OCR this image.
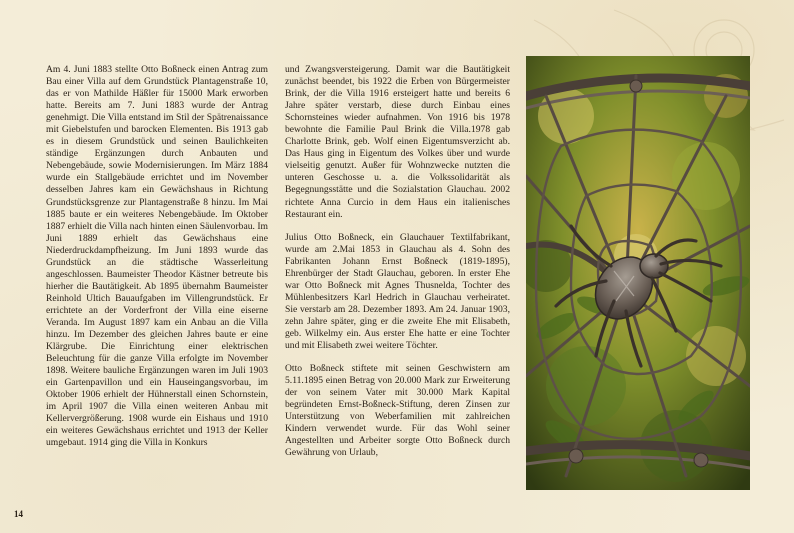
Am 4. Juni 1883 stellte Otto Boßneck einen Antrag zum Bau einer Villa auf dem Grundstück Plantagenstraße 10, das er von Mathilde Häßler für 15000 Mark erworben hatte. Bereits am 7. Juni 1883 wurde der Antrag genehmigt. Die Villa entstand im Stil der Spätrenaissance mit Giebelstufen und barocken Elementen. Bis 1913 gab es in diesem Grundstück und seinen Baulichkeiten ständige Ergänzungen durch Anbauten und Nebengebäude, sowie Modernisierungen. Im März 1884 wurde ein Stallgebäude errichtet und im November desselben Jahres kam ein Gewächshaus in Richtung Grundstücksgrenze zur Plantagenstraße 8 hinzu. Im Mai 1885 baute er ein weiteres Nebengebäude. Im Oktober 1887 erhielt die Villa nach hinten einen Säulenvorbau. Im Juni 1889 erhielt das Gewächshaus eine Niederdruckdampfheizung. Im Juni 1893 wurde das Grundstück an die städtische Wasserleitung angeschlossen. Baumeister Theodor Kästner betreute bis hierher die Bautätigkeit. Ab 1895 übernahm Baumeister Reinhold Ultich Bauaufgaben im Villengrundstück. Er errichtete an der Vorderfront der Villa eine eiserne Veranda. Im August 1897 kam ein Anbau an die Villa hinzu. Im Dezember des gleichen Jahres baute er eine Klärgrube. Die Einrichtung einer elektrischen Beleuchtung für die ganze Villa erfolgte im November 1898. Weitere bauliche Ergänzungen waren im Juli 1903 ein Gartenpavillon und ein Hauseingangsvorbau, im Oktober 1906 erhielt der Hühnerstall einen Schornstein, im April 1907 die Villa einen weiteren Anbau mit Kellervergrößerung. 1908 wurde ein Eishaus und 1910 ein weiteres Gewächshaus errichtet und 1913 der Keller umgebaut. 1914 ging die Villa in Konkurs

und Zwangsversteigerung. Damit war die Bautätigkeit zunächst beendet, bis 1922 die Erben von Bürgermeister Brink, der die Villa 1916 ersteigert hatte und bereits 6 Jahre später verstarb, diese durch Einbau eines Schornsteines wieder aufnahmen. Von 1916 bis 1978 bewohnte die Familie Paul Brink die Villa.1978 gab Charlotte Brink, geb. Wolf einen Eigentumsverzicht ab. Das Haus ging in Eigentum des Volkes über und wurde vielseitig genutzt. Außer für Wohnzwecke nutzten die unteren Geschosse u. a. die Volkssolidarität als Begegnungsstätte und die Sozialstation Glauchau. 2002 richtete Anna Curcio in dem Haus ein italienisches Restaurant ein.

Julius Otto Boßneck, ein Glauchauer Textilfabrikant, wurde am 2.Mai 1853 in Glauchau als 4. Sohn des Fabrikanten Johann Ernst Boßneck (1819-1895), Ehrenbürger der Stadt Glauchau, geboren. In erster Ehe war Otto Boßneck mit Agnes Thusnelda, Tochter des Mühlenbesitzers Karl Hedrich in Glauchau verheiratet. Sie verstarb am 28. Dezember 1893. Am 24. Januar 1903, zehn Jahre später, ging er die zweite Ehe mit Elisabeth, geb. Wilkelmy ein. Aus erster Ehe hatte er eine Tochter und mit Elisabeth zwei weitere Töchter.

Otto Boßneck stiftete mit seinen Geschwistern am 5.11.1895 einen Betrag von 20.000 Mark zur Erweiterung der von seinem Vater mit 30.000 Mark Kapital begründeten Ernst-Boßneck-Stiftung, deren Zinsen zur Unterstützung von Weberfamilien mit zahlreichen Kindern verwendet wurde. Für das Wohl seiner Angestellten und Arbeiter sorgte Otto Boßneck durch Gewährung von Urlaub,

14
